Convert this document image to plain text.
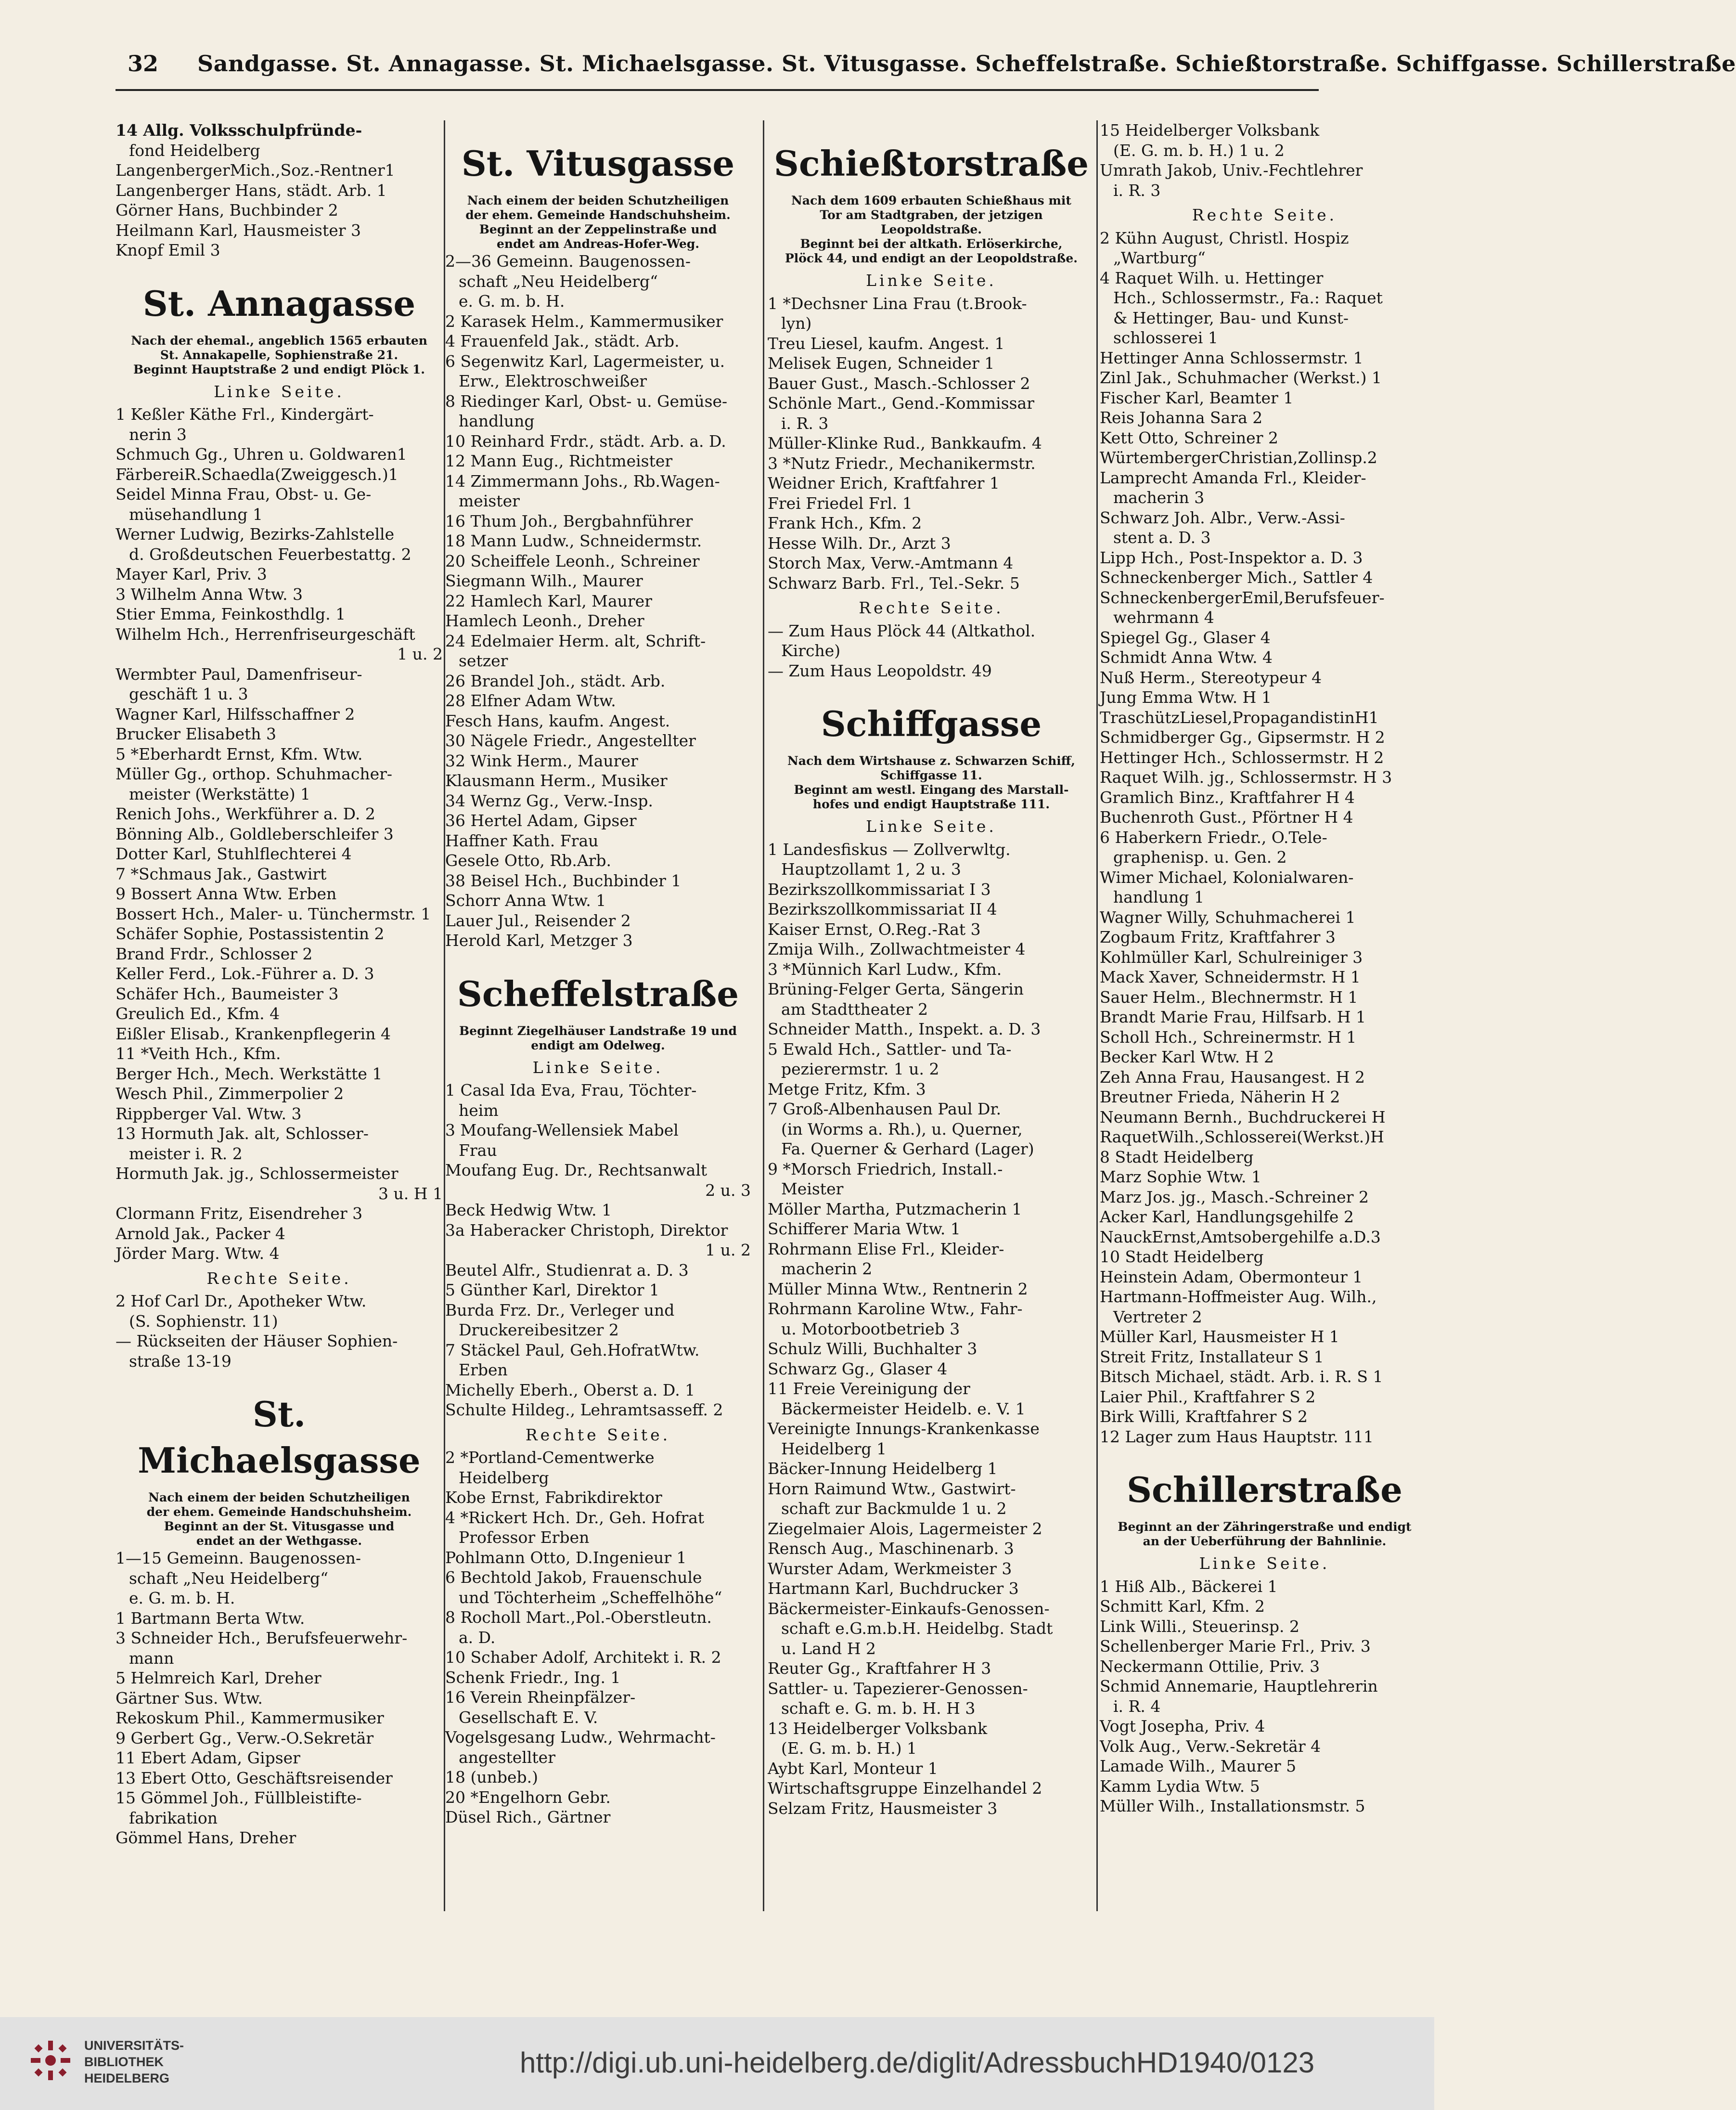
32 Sandgasse. St. Annagasse. St. Michaelsgasse. St. Vitusgasse. Scheffelstraße. Schießtorstraße. Schiffgasse. Schillerstraße
14 Allg. Volksschulpfründe-
fond Heidelberg
LangenbergerMich.,Soz.-Rentner1
Langenberger Hans, städt. Arb. 1
Görner Hans, Buchbinder 2
Heilmann Karl, Hausmeister 3
Knopf Emil 3
St. Annagasse
Nach der ehemal., angeblich 1565 erbauten
St. Annakapelle, Sophienstraße 21.
Beginnt Hauptstraße 2 und endigt Plöck 1.
Linke Seite.
1 Keßler Käthe Frl., Kindergärt-
nerin 3
Schmuch Gg., Uhren u. Goldwaren1
FärbereiR.Schaedla(Zweiggesch.)1
Seidel Minna Frau, Obst- u. Ge-
müsehandlung 1
Werner Ludwig, Bezirks-Zahlstelle
d. Großdeutschen Feuerbestattg. 2
Mayer Karl, Priv. 3
3 Wilhelm Anna Wtw. 3
Stier Emma, Feinkosthdlg. 1
Wilhelm Hch., Herrenfriseurgeschäft
1 u. 2
Wermbter Paul, Damenfriseur-
geschäft 1 u. 3
Wagner Karl, Hilfsschaffner 2
Brucker Elisabeth 3
5 *Eberhardt Ernst, Kfm. Wtw.
Müller Gg., orthop. Schuhmacher-
meister (Werkstätte) 1
Renich Johs., Werkführer a. D. 2
Bönning Alb., Goldleberschleifer 3
Dotter Karl, Stuhlflechterei 4
7 *Schmaus Jak., Gastwirt
9 Bossert Anna Wtw. Erben
Bossert Hch., Maler- u. Tünchermstr. 1
Schäfer Sophie, Postassistentin 2
Brand Frdr., Schlosser 2
Keller Ferd., Lok.-Führer a. D. 3
Schäfer Hch., Baumeister 3
Greulich Ed., Kfm. 4
Eißler Elisab., Krankenpflegerin 4
11 *Veith Hch., Kfm.
Berger Hch., Mech. Werkstätte 1
Wesch Phil., Zimmerpolier 2
Rippberger Val. Wtw. 3
13 Hormuth Jak. alt, Schlosser-
meister i. R. 2
Hormuth Jak. jg., Schlossermeister
3 u. H 1
Clormann Fritz, Eisendreher 3
Arnold Jak., Packer 4
Jörder Marg. Wtw. 4
Rechte Seite.
2 Hof Carl Dr., Apotheker Wtw.
(S. Sophienstr. 11)
— Rückseiten der Häuser Sophien-
straße 13-19
St. Michaelsgasse
Nach einem der beiden Schutzheiligen
der ehem. Gemeinde Handschuhsheim.
Beginnt an der St. Vitusgasse und
endet an der Wethgasse.
1—15 Gemeinn. Baugenossen-
schaft „Neu Heidelberg“
e. G. m. b. H.
1 Bartmann Berta Wtw.
3 Schneider Hch., Berufsfeuerwehr-
mann
5 Helmreich Karl, Dreher
Gärtner Sus. Wtw.
Rekoskum Phil., Kammermusiker
9 Gerbert Gg., Verw.-O.Sekretär
11 Ebert Adam, Gipser
13 Ebert Otto, Geschäftsreisender
15 Gömmel Joh., Füllbleistifte-
fabrikation
Gömmel Hans, Dreher
St. Vitusgasse
Nach einem der beiden Schutzheiligen
der ehem. Gemeinde Handschuhsheim.
Beginnt an der Zeppelinstraße und
endet am Andreas-Hofer-Weg.
2—36 Gemeinn. Baugenossen-
schaft „Neu Heidelberg“
e. G. m. b. H.
2 Karasek Helm., Kammermusiker
4 Frauenfeld Jak., städt. Arb.
6 Segenwitz Karl, Lagermeister, u.
Erw., Elektroschweißer
8 Riedinger Karl, Obst- u. Gemüse-
handlung
10 Reinhard Frdr., städt. Arb. a. D.
12 Mann Eug., Richtmeister
14 Zimmermann Johs., Rb.Wagen-
meister
16 Thum Joh., Bergbahnführer
18 Mann Ludw., Schneidermstr.
20 Scheiffele Leonh., Schreiner
Siegmann Wilh., Maurer
22 Hamlech Karl, Maurer
Hamlech Leonh., Dreher
24 Edelmaier Herm. alt, Schrift-
setzer
26 Brandel Joh., städt. Arb.
28 Elfner Adam Wtw.
Fesch Hans, kaufm. Angest.
30 Nägele Friedr., Angestellter
32 Wink Herm., Maurer
Klausmann Herm., Musiker
34 Wernz Gg., Verw.-Insp.
36 Hertel Adam, Gipser
Haffner Kath. Frau
Gesele Otto, Rb.Arb.
38 Beisel Hch., Buchbinder 1
Schorr Anna Wtw. 1
Lauer Jul., Reisender 2
Herold Karl, Metzger 3
Scheffelstraße
Beginnt Ziegelhäuser Landstraße 19 und
endigt am Odelweg.
Linke Seite.
1 Casal Ida Eva, Frau, Töchter-
heim
3 Moufang-Wellensiek Mabel
Frau
Moufang Eug. Dr., Rechtsanwalt
2 u. 3
Beck Hedwig Wtw. 1
3a Haberacker Christoph, Direktor
1 u. 2
Beutel Alfr., Studienrat a. D. 3
5 Günther Karl, Direktor 1
Burda Frz. Dr., Verleger und
Druckereibesitzer 2
7 Stäckel Paul, Geh.HofratWtw.
Erben
Michelly Eberh., Oberst a. D. 1
Schulte Hildeg., Lehramtsasseff. 2
Rechte Seite.
2 *Portland-Cementwerke
Heidelberg
Kobe Ernst, Fabrikdirektor
4 *Rickert Hch. Dr., Geh. Hofrat
Professor Erben
Pohlmann Otto, D.Ingenieur 1
6 Bechtold Jakob, Frauenschule
und Töchterheim „Scheffelhöhe“
8 Rocholl Mart.,Pol.-Oberstleutn.
a. D.
10 Schaber Adolf, Architekt i. R. 2
Schenk Friedr., Ing. 1
16 Verein Rheinpfälzer-
Gesellschaft E. V.
Vogelsgesang Ludw., Wehrmacht-
angestellter
18 (unbeb.)
20 *Engelhorn Gebr.
Düsel Rich., Gärtner
Schießtorstraße
Nach dem 1609 erbauten Schießhaus mit
Tor am Stadtgraben, der jetzigen
Leopoldstraße.
Beginnt bei der altkath. Erlöserkirche,
Plöck 44, und endigt an der Leopoldstraße.
Linke Seite.
1 *Dechsner Lina Frau (t.Brook-
lyn)
Treu Liesel, kaufm. Angest. 1
Melisek Eugen, Schneider 1
Bauer Gust., Masch.-Schlosser 2
Schönle Mart., Gend.-Kommissar
i. R. 3
Müller-Klinke Rud., Bankkaufm. 4
3 *Nutz Friedr., Mechanikermstr.
Weidner Erich, Kraftfahrer 1
Frei Friedel Frl. 1
Frank Hch., Kfm. 2
Hesse Wilh. Dr., Arzt 3
Storch Max, Verw.-Amtmann 4
Schwarz Barb. Frl., Tel.-Sekr. 5
Rechte Seite.
— Zum Haus Plöck 44 (Altkathol.
Kirche)
— Zum Haus Leopoldstr. 49
Schiffgasse
Nach dem Wirtshause z. Schwarzen Schiff,
Schiffgasse 11.
Beginnt am westl. Eingang des Marstall-
hofes und endigt Hauptstraße 111.
Linke Seite.
1 Landesfiskus — Zollverwltg.
Hauptzollamt 1, 2 u. 3
Bezirkszollkommissariat I 3
Bezirkszollkommissariat II 4
Kaiser Ernst, O.Reg.-Rat 3
Zmija Wilh., Zollwachtmeister 4
3 *Münnich Karl Ludw., Kfm.
Brüning-Felger Gerta, Sängerin
am Stadttheater 2
Schneider Matth., Inspekt. a. D. 3
5 Ewald Hch., Sattler- und Ta-
pezierermstr. 1 u. 2
Metge Fritz, Kfm. 3
7 Groß-Albenhausen Paul Dr.
(in Worms a. Rh.), u. Querner,
Fa. Querner & Gerhard (Lager)
9 *Morsch Friedrich, Install.-
Meister
Möller Martha, Putzmacherin 1
Schifferer Maria Wtw. 1
Rohrmann Elise Frl., Kleider-
macherin 2
Müller Minna Wtw., Rentnerin 2
Rohrmann Karoline Wtw., Fahr-
u. Motorbootbetrieb 3
Schulz Willi, Buchhalter 3
Schwarz Gg., Glaser 4
11 Freie Vereinigung der
Bäckermeister Heidelb. e. V. 1
Vereinigte Innungs-Krankenkasse
Heidelberg 1
Bäcker-Innung Heidelberg 1
Horn Raimund Wtw., Gastwirt-
schaft zur Backmulde 1 u. 2
Ziegelmaier Alois, Lagermeister 2
Rensch Aug., Maschinenarb. 3
Wurster Adam, Werkmeister 3
Hartmann Karl, Buchdrucker 3
Bäckermeister-Einkaufs-Genossen-
schaft e.G.m.b.H. Heidelbg. Stadt
u. Land H 2
Reuter Gg., Kraftfahrer H 3
Sattler- u. Tapezierer-Genossen-
schaft e. G. m. b. H. H 3
13 Heidelberger Volksbank
(E. G. m. b. H.) 1
Aybt Karl, Monteur 1
Wirtschaftsgruppe Einzelhandel 2
Selzam Fritz, Hausmeister 3
15 Heidelberger Volksbank
(E. G. m. b. H.) 1 u. 2
Umrath Jakob, Univ.-Fechtlehrer
i. R. 3
Rechte Seite.
2 Kühn August, Christl. Hospiz
„Wartburg“
4 Raquet Wilh. u. Hettinger
Hch., Schlossermstr., Fa.: Raquet
& Hettinger, Bau- und Kunst-
schlosserei 1
Hettinger Anna Schlossermstr. 1
Zinl Jak., Schuhmacher (Werkst.) 1
Fischer Karl, Beamter 1
Reis Johanna Sara 2
Kett Otto, Schreiner 2
WürtembergerChristian,Zollinsp.2
Lamprecht Amanda Frl., Kleider-
macherin 3
Schwarz Joh. Albr., Verw.-Assi-
stent a. D. 3
Lipp Hch., Post-Inspektor a. D. 3
Schneckenberger Mich., Sattler 4
SchneckenbergerEmil,Berufsfeuer-
wehrmann 4
Spiegel Gg., Glaser 4
Schmidt Anna Wtw. 4
Nuß Herm., Stereotypeur 4
Jung Emma Wtw. H 1
TraschützLiesel,PropagandistinH1
Schmidberger Gg., Gipsermstr. H 2
Hettinger Hch., Schlossermstr. H 2
Raquet Wilh. jg., Schlossermstr. H 3
Gramlich Binz., Kraftfahrer H 4
Buchenroth Gust., Pförtner H 4
6 Haberkern Friedr., O.Tele-
graphenisp. u. Gen. 2
Wimer Michael, Kolonialwaren-
handlung 1
Wagner Willy, Schuhmacherei 1
Zogbaum Fritz, Kraftfahrer 3
Kohlmüller Karl, Schulreiniger 3
Mack Xaver, Schneidermstr. H 1
Sauer Helm., Blechnermstr. H 1
Brandt Marie Frau, Hilfsarb. H 1
Scholl Hch., Schreinermstr. H 1
Becker Karl Wtw. H 2
Zeh Anna Frau, Hausangest. H 2
Breutner Frieda, Näherin H 2
Neumann Bernh., Buchdruckerei H
RaquetWilh.,Schlosserei(Werkst.)H
8 Stadt Heidelberg
Marz Sophie Wtw. 1
Marz Jos. jg., Masch.-Schreiner 2
Acker Karl, Handlungsgehilfe 2
NauckErnst,Amtsobergehilfe a.D.3
10 Stadt Heidelberg
Heinstein Adam, Obermonteur 1
Hartmann-Hoffmeister Aug. Wilh.,
Vertreter 2
Müller Karl, Hausmeister H 1
Streit Fritz, Installateur S 1
Bitsch Michael, städt. Arb. i. R. S 1
Laier Phil., Kraftfahrer S 2
Birk Willi, Kraftfahrer S 2
12 Lager zum Haus Hauptstr. 111
Schillerstraße
Beginnt an der Zähringerstraße und endigt
an der Ueberführung der Bahnlinie.
Linke Seite.
1 Hiß Alb., Bäckerei 1
Schmitt Karl, Kfm. 2
Link Willi., Steuerinsp. 2
Schellenberger Marie Frl., Priv. 3
Neckermann Ottilie, Priv. 3
Schmid Annemarie, Hauptlehrerin
i. R. 4
Vogt Josepha, Priv. 4
Volk Aug., Verw.-Sekretär 4
Lamade Wilh., Maurer 5
Kamm Lydia Wtw. 5
Müller Wilh., Installationsmstr. 5
UNIVERSITÄTS-
BIBLIOTHEK
HEIDELBERG	http://digi.ub.uni-heidelberg.de/diglit/AdressbuchHD1940/0123
